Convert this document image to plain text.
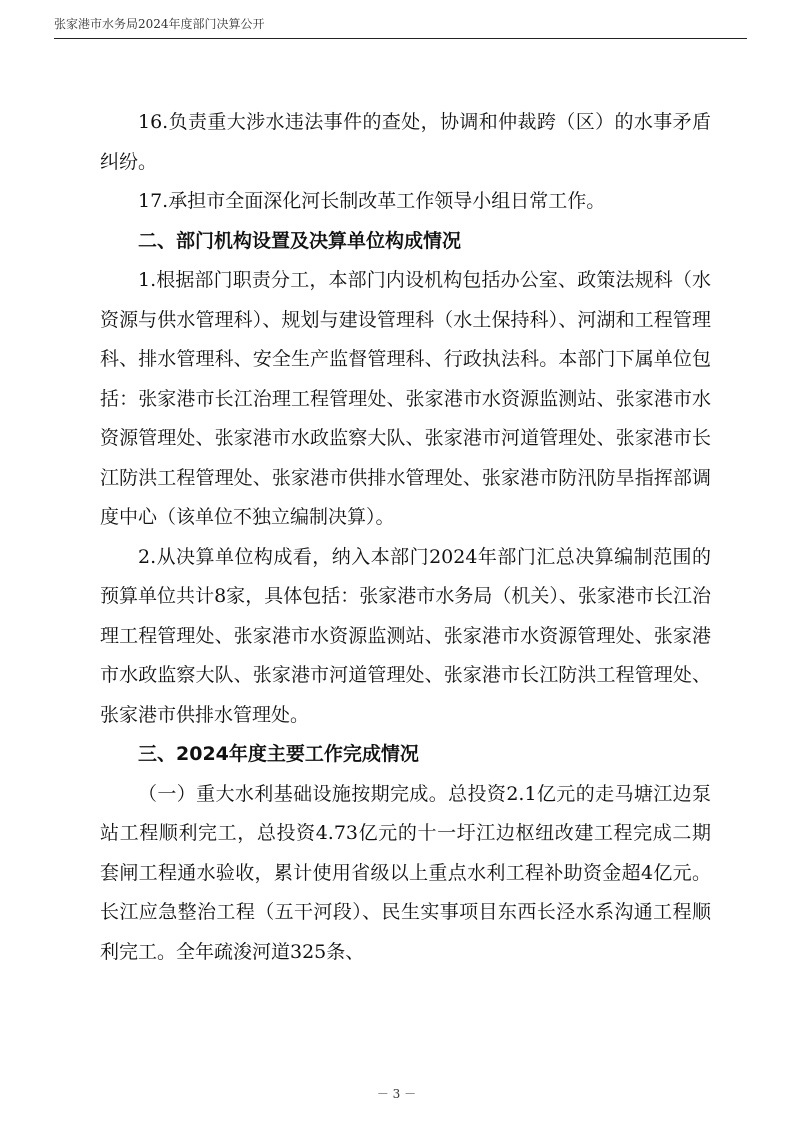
张家港市水务局2024年度部门决算公开

16.负责重大涉水违法事件的查处，协调和仲裁跨（区）的水事矛盾纠纷。

17.承担市全面深化河长制改革工作领导小组日常工作。

二、部门机构设置及决算单位构成情况

1.根据部门职责分工，本部门内设机构包括办公室、政策法规科（水资源与供水管理科）、规划与建设管理科（水土保持科）、河湖和工程管理科、排水管理科、安全生产监督管理科、行政执法科。本部门下属单位包括：张家港市长江治理工程管理处、张家港市水资源监测站、张家港市水资源管理处、张家港市水政监察大队、张家港市河道管理处、张家港市长江防洪工程管理处、张家港市供排水管理处、张家港市防汛防旱指挥部调度中心（该单位不独立编制决算）。

2.从决算单位构成看，纳入本部门2024年部门汇总决算编制范围的预算单位共计8家，具体包括：张家港市水务局（机关）、张家港市长江治理工程管理处、张家港市水资源监测站、张家港市水资源管理处、张家港市水政监察大队、张家港市河道管理处、张家港市长江防洪工程管理处、张家港市供排水管理处。

三、2024年度主要工作完成情况

（一）重大水利基础设施按期完成。总投资2.1亿元的走马塘江边泵站工程顺利完工，总投资4.73亿元的十一圩江边枢纽改建工程完成二期套闸工程通水验收，累计使用省级以上重点水利工程补助资金超4亿元。长江应急整治工程（五干河段）、民生实事项目东西长泾水系沟通工程顺利完工。全年疏浚河道325条、

－ 3 －
